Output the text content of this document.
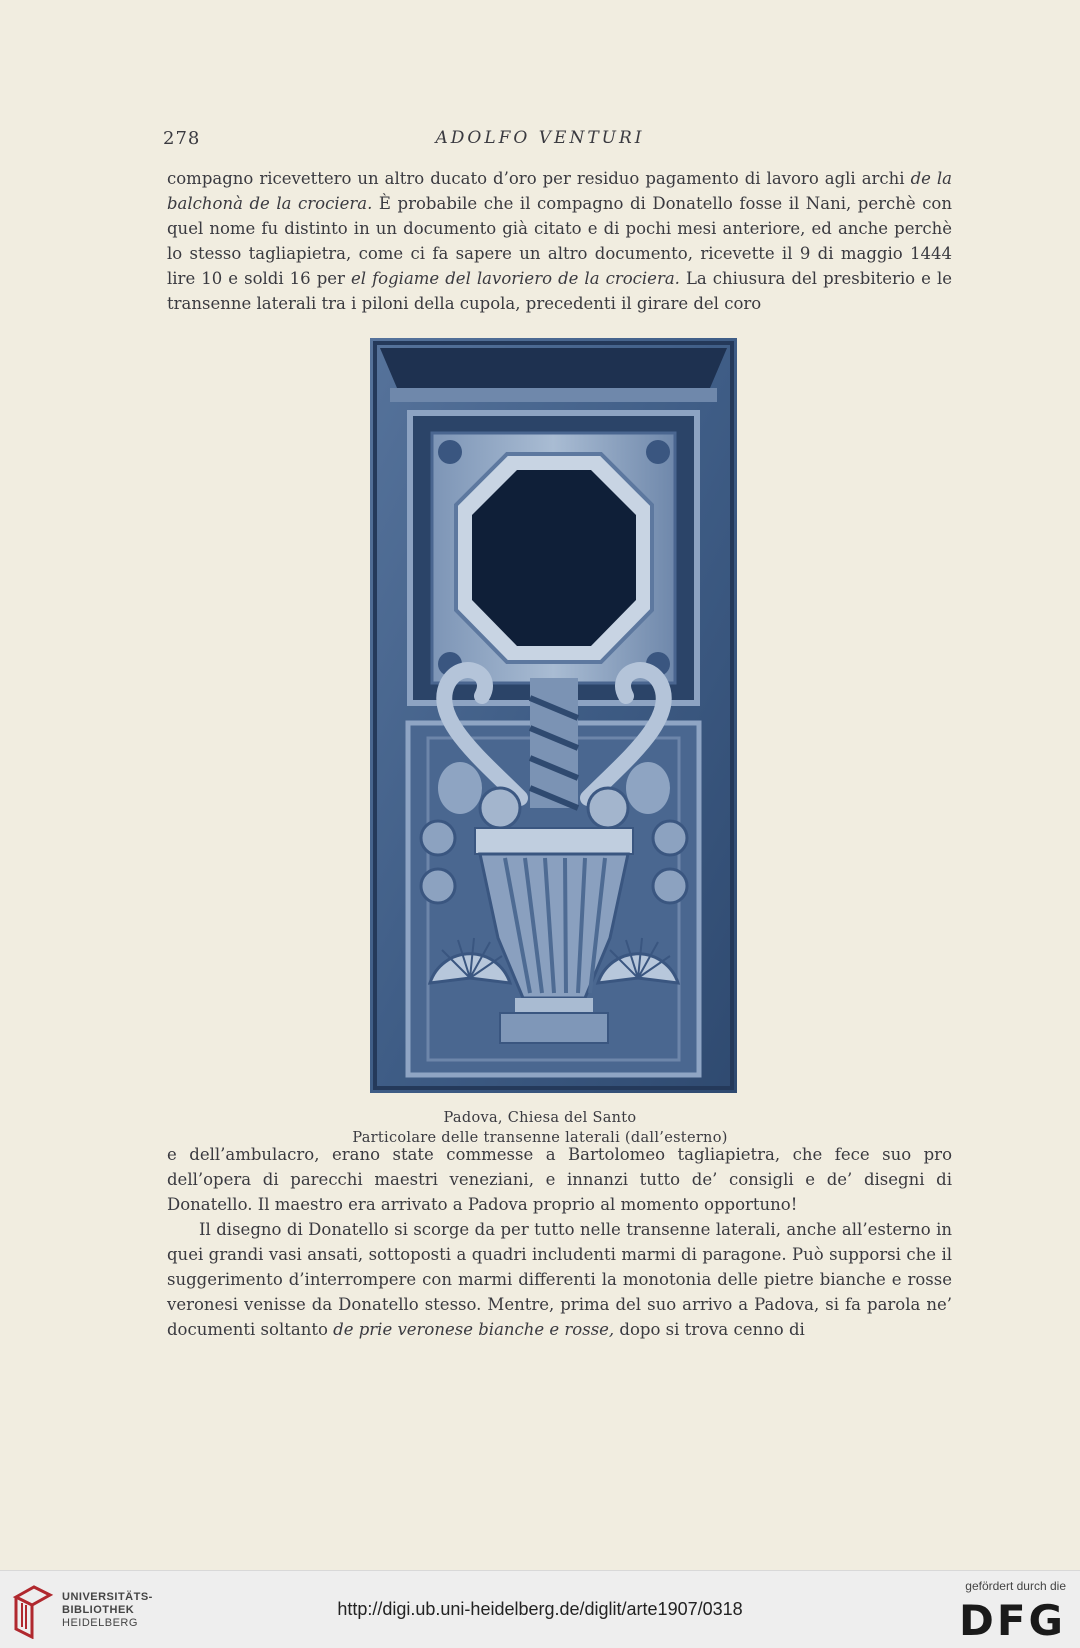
278	ADOLFO VENTURI

compagno ricevettero un altro ducato d’oro per residuo pagamento di lavoro agli archi de la balchonà de la crociera. È probabile che il compagno di Donatello fosse il Nani, perchè con quel nome fu distinto in un documento già citato e di pochi mesi anteriore, ed anche perchè lo stesso tagliapietra, come ci fa sapere un altro documento, ricevette il 9 di maggio 1444 lire 10 e soldi 16 per el fogiame del lavoriero de la crociera. La chiusura del presbiterio e le transenne laterali tra i piloni della cupola, precedenti il girare del coro

Padova, Chiesa del Santo
Particolare delle transenne laterali (dall’esterno)

e dell’ambulacro, erano state commesse a Bartolomeo tagliapietra, che fece suo pro dell’opera di parecchi maestri veneziani, e innanzi tutto de’ consigli e de’ disegni di Donatello. Il maestro era arrivato a Padova proprio al momento opportuno!

Il disegno di Donatello si scorge da per tutto nelle transenne laterali, anche all’esterno in quei grandi vasi ansati, sottoposti a quadri includenti marmi di paragone. Può supporsi che il suggerimento d’interrompere con marmi differenti la monotonia delle pietre bianche e rosse veronesi venisse da Donatello stesso. Mentre, prima del suo arrivo a Padova, si fa parola ne’ documenti soltanto de prie veronese bianche e rosse, dopo si trova cenno di

UNIVERSITÄTS-
BIBLIOTHEK
HEIDELBERG
http://digi.ub.uni-heidelberg.de/diglit/arte1907/0318
gefördert durch die
DFG
